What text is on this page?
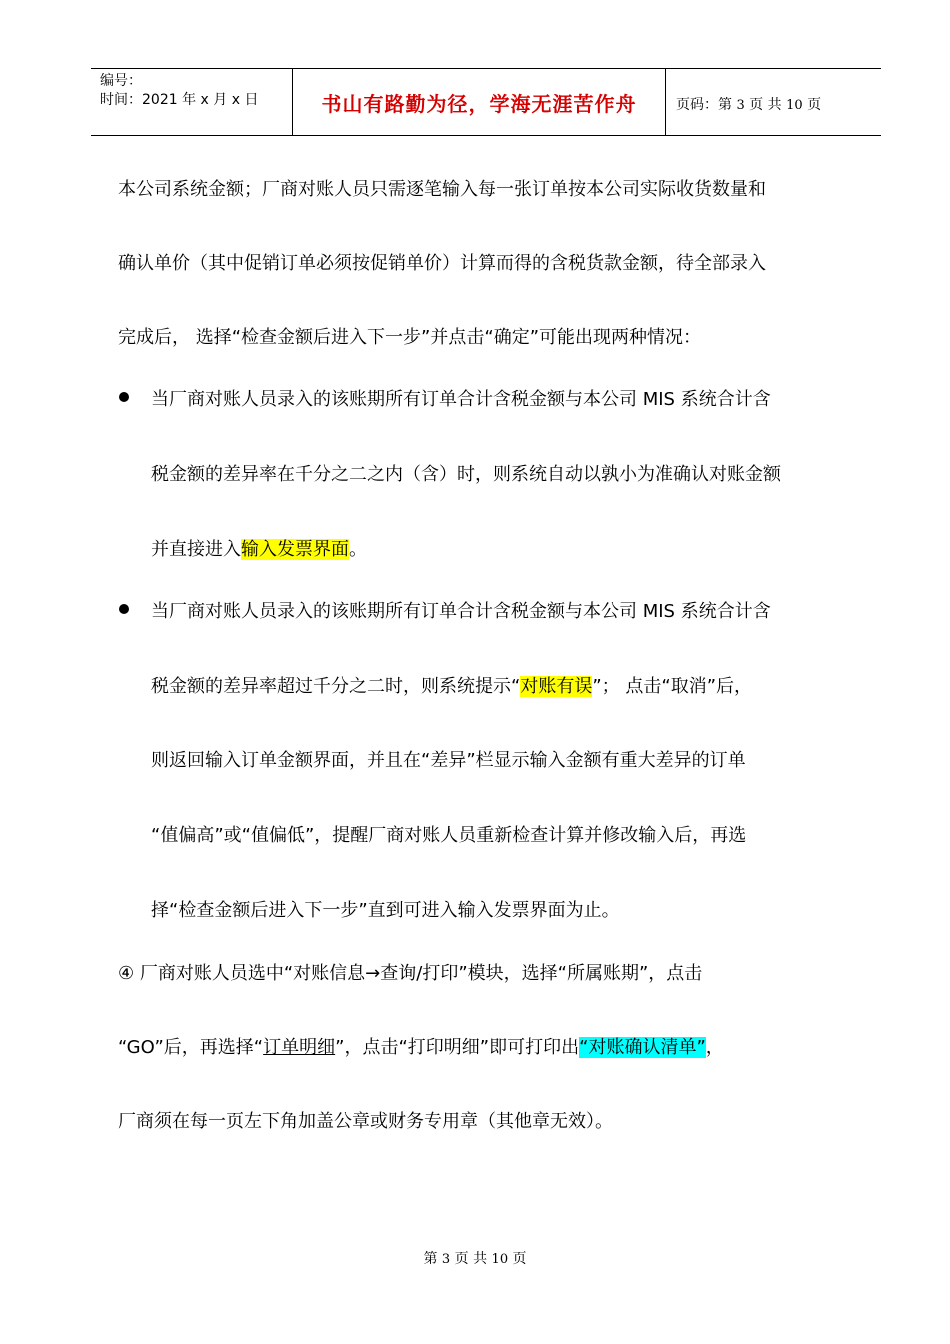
编号：
时间：2021 年 x 月 x 日	书山有路勤为径，学海无涯苦作舟	页码：第 3 页 共 10 页
本公司系统金额；厂商对账人员只需逐笔输入每一张订单按本公司实际收货数量和
确认单价（其中促销订单必须按促销单价）计算而得的含税货款金额，待全部录入
完成后， 选择“检查金额后进入下一步”并点击“确定”可能出现两种情况：
当厂商对账人员录入的该账期所有订单合计含税金额与本公司 MIS 系统合计含
税金额的差异率在千分之二之内（含）时，则系统自动以孰小为准确认对账金额
并直接进入输入发票界面。
当厂商对账人员录入的该账期所有订单合计含税金额与本公司 MIS 系统合计含
税金额的差异率超过千分之二时，则系统提示“对账有误”； 点击“取消”后，
则返回输入订单金额界面，并且在“差异”栏显示输入金额有重大差异的订单
“值偏高”或“值偏低”，提醒厂商对账人员重新检查计算并修改输入后，再选
择“检查金额后进入下一步”直到可进入输入发票界面为止。
④ 厂商对账人员选中“对账信息→查询/打印”模块，选择“所属账期”，点击
“GO”后，再选择“订单明细”，点击“打印明细”即可打印出“对账确认清单”，
厂商须在每一页左下角加盖公章或财务专用章（其他章无效）。
第 3 页 共 10 页
